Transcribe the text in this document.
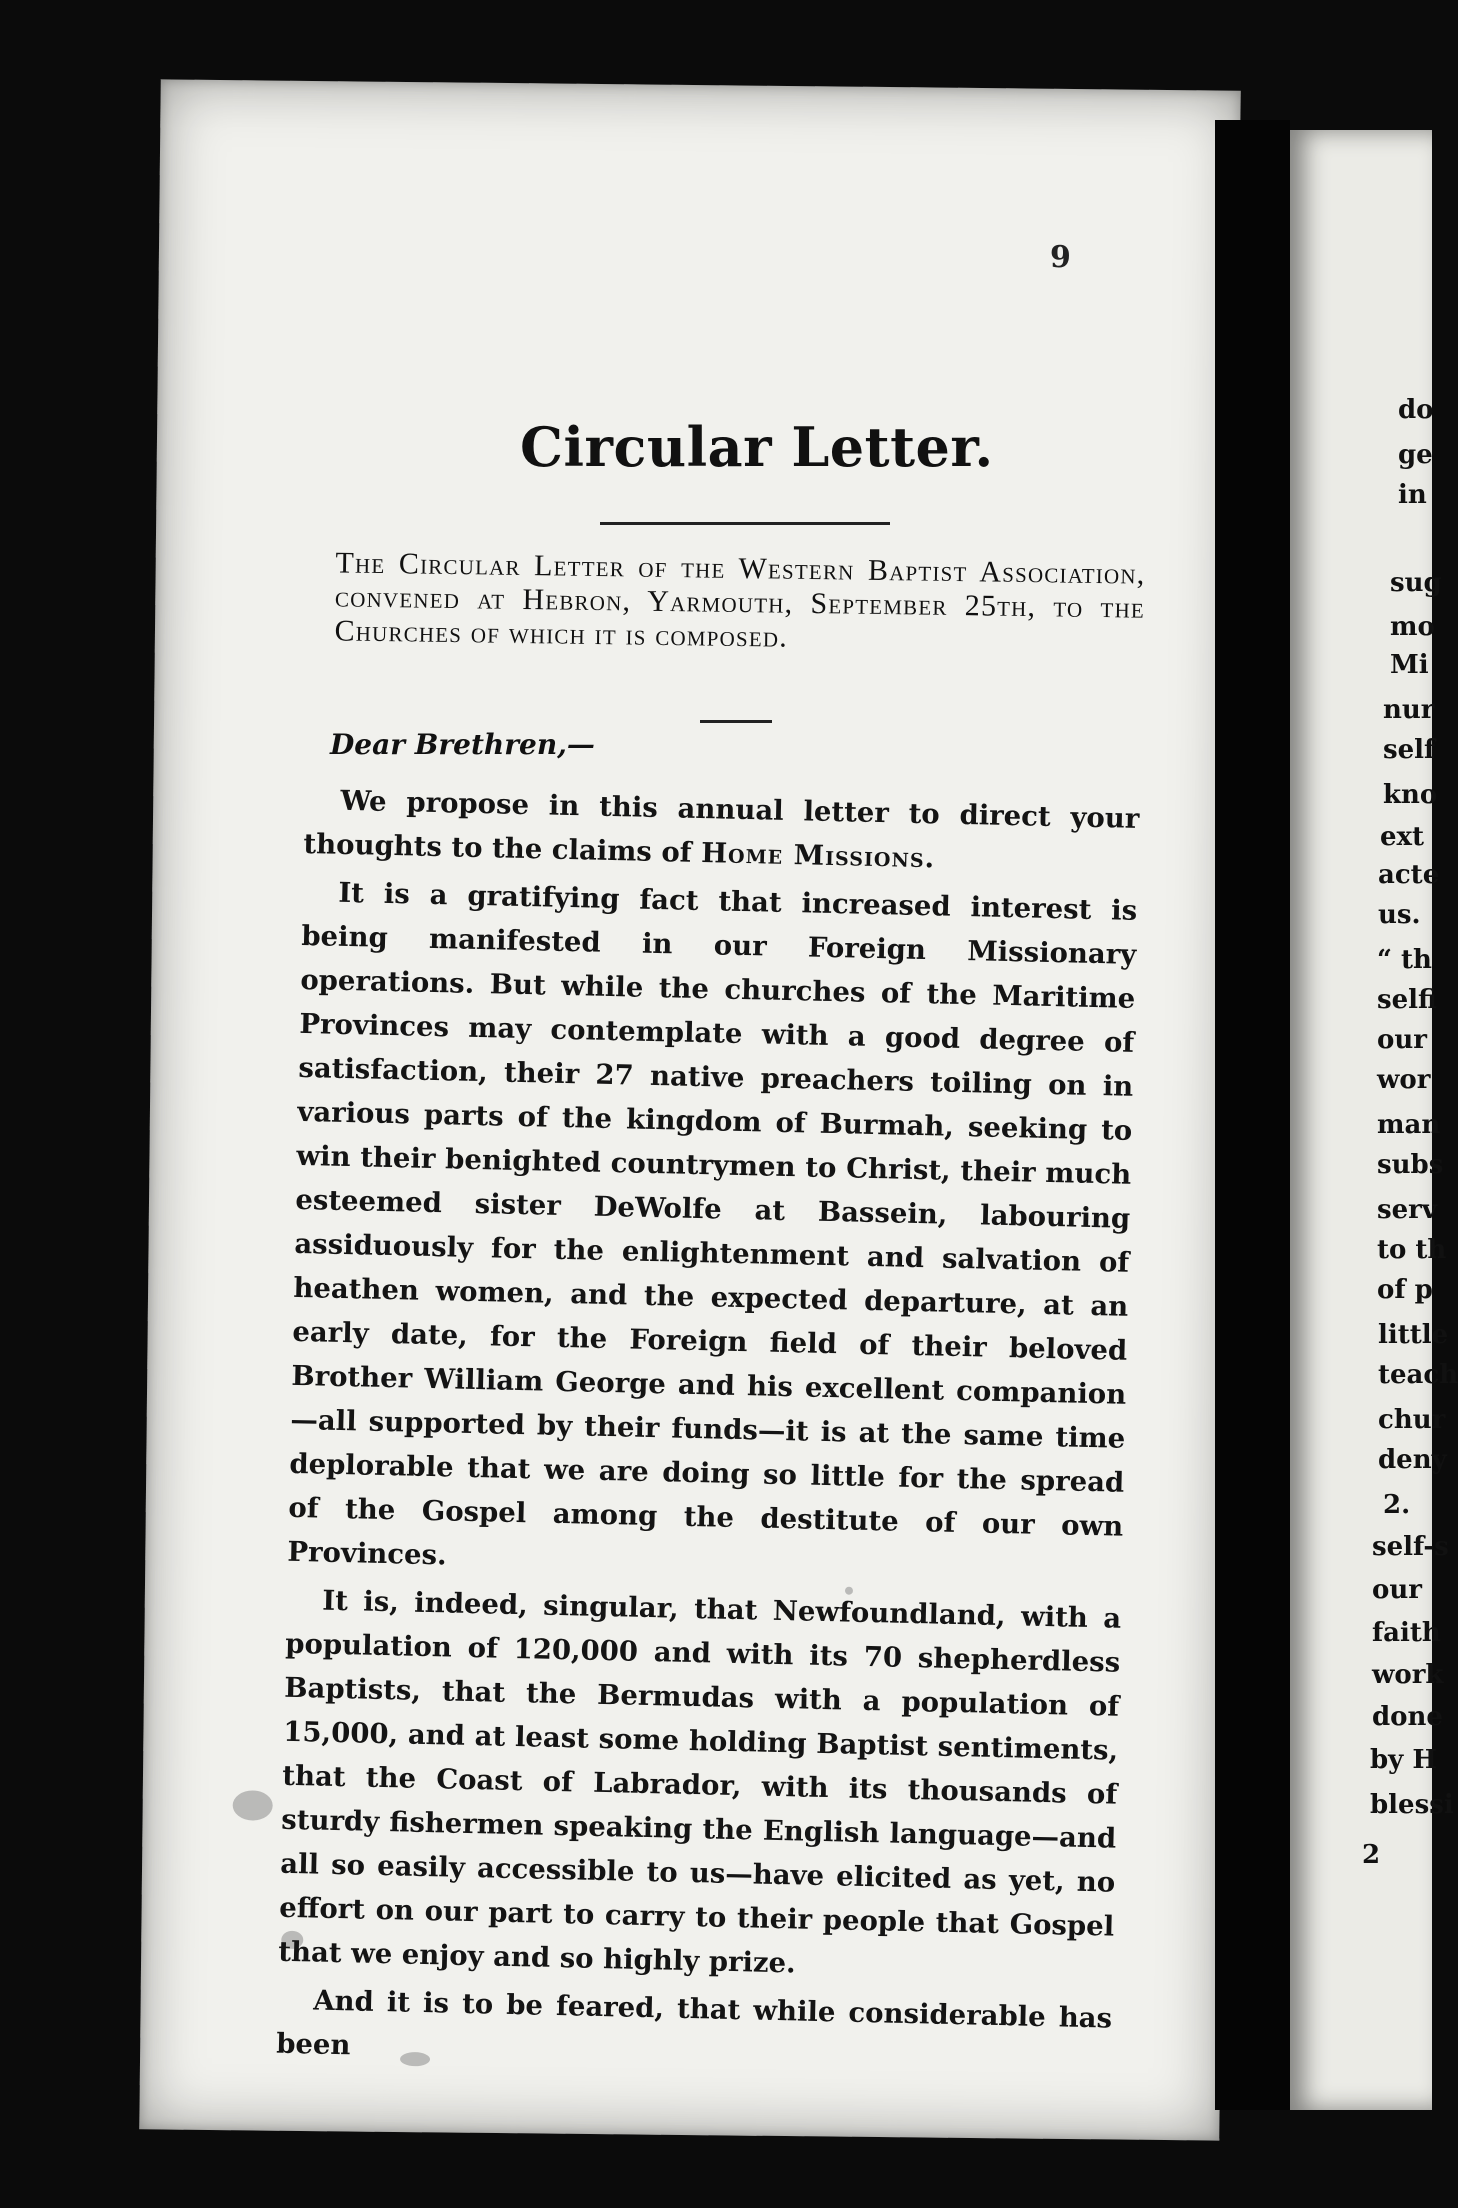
9
Circular Letter.
The Circular Letter of the Western Baptist Association, convened at Hebron, Yarmouth, September 25th, to the Churches of which it is composed.
Dear Brethren,—

We propose in this annual letter to direct your thoughts to the claims of Home Missions.

It is a gratifying fact that increased interest is being manifested in our Foreign Missionary operations. But while the churches of the Maritime Provinces may contemplate with a good degree of satisfaction, their 27 native preachers toiling on in various parts of the kingdom of Burmah, seeking to win their benighted countrymen to Christ, their much esteemed sister DeWolfe at Bassein, labouring assiduously for the enlightenment and salvation of heathen women, and the expected departure, at an early date, for the Foreign field of their beloved Brother William George and his excellent companion—all supported by their funds—it is at the same time deplorable that we are doing so little for the spread of the Gospel among the destitute of our own Provinces.

It is, indeed, singular, that Newfoundland, with a population of 120,000 and with its 70 shepherdless Baptists, that the Bermudas with a population of 15,000, and at least some holding Baptist sentiments, that the Coast of Labrador, with its thousands of sturdy fishermen speaking the English language—and all so easily accessible to us—have elicited as yet, no effort on our part to carry to their people that Gospel that we enjoy and so highly prize.

And it is to be feared, that while considerable has been

do
ge
in
sug
mo
Mi
nur
self
kno
ext
acte
us.
“ th
selfi
our
wor
man
subs
serv
to th
of p
little
teach
chur
deny
2.
self-s
our
faith
work
done
by H
blessi
2
